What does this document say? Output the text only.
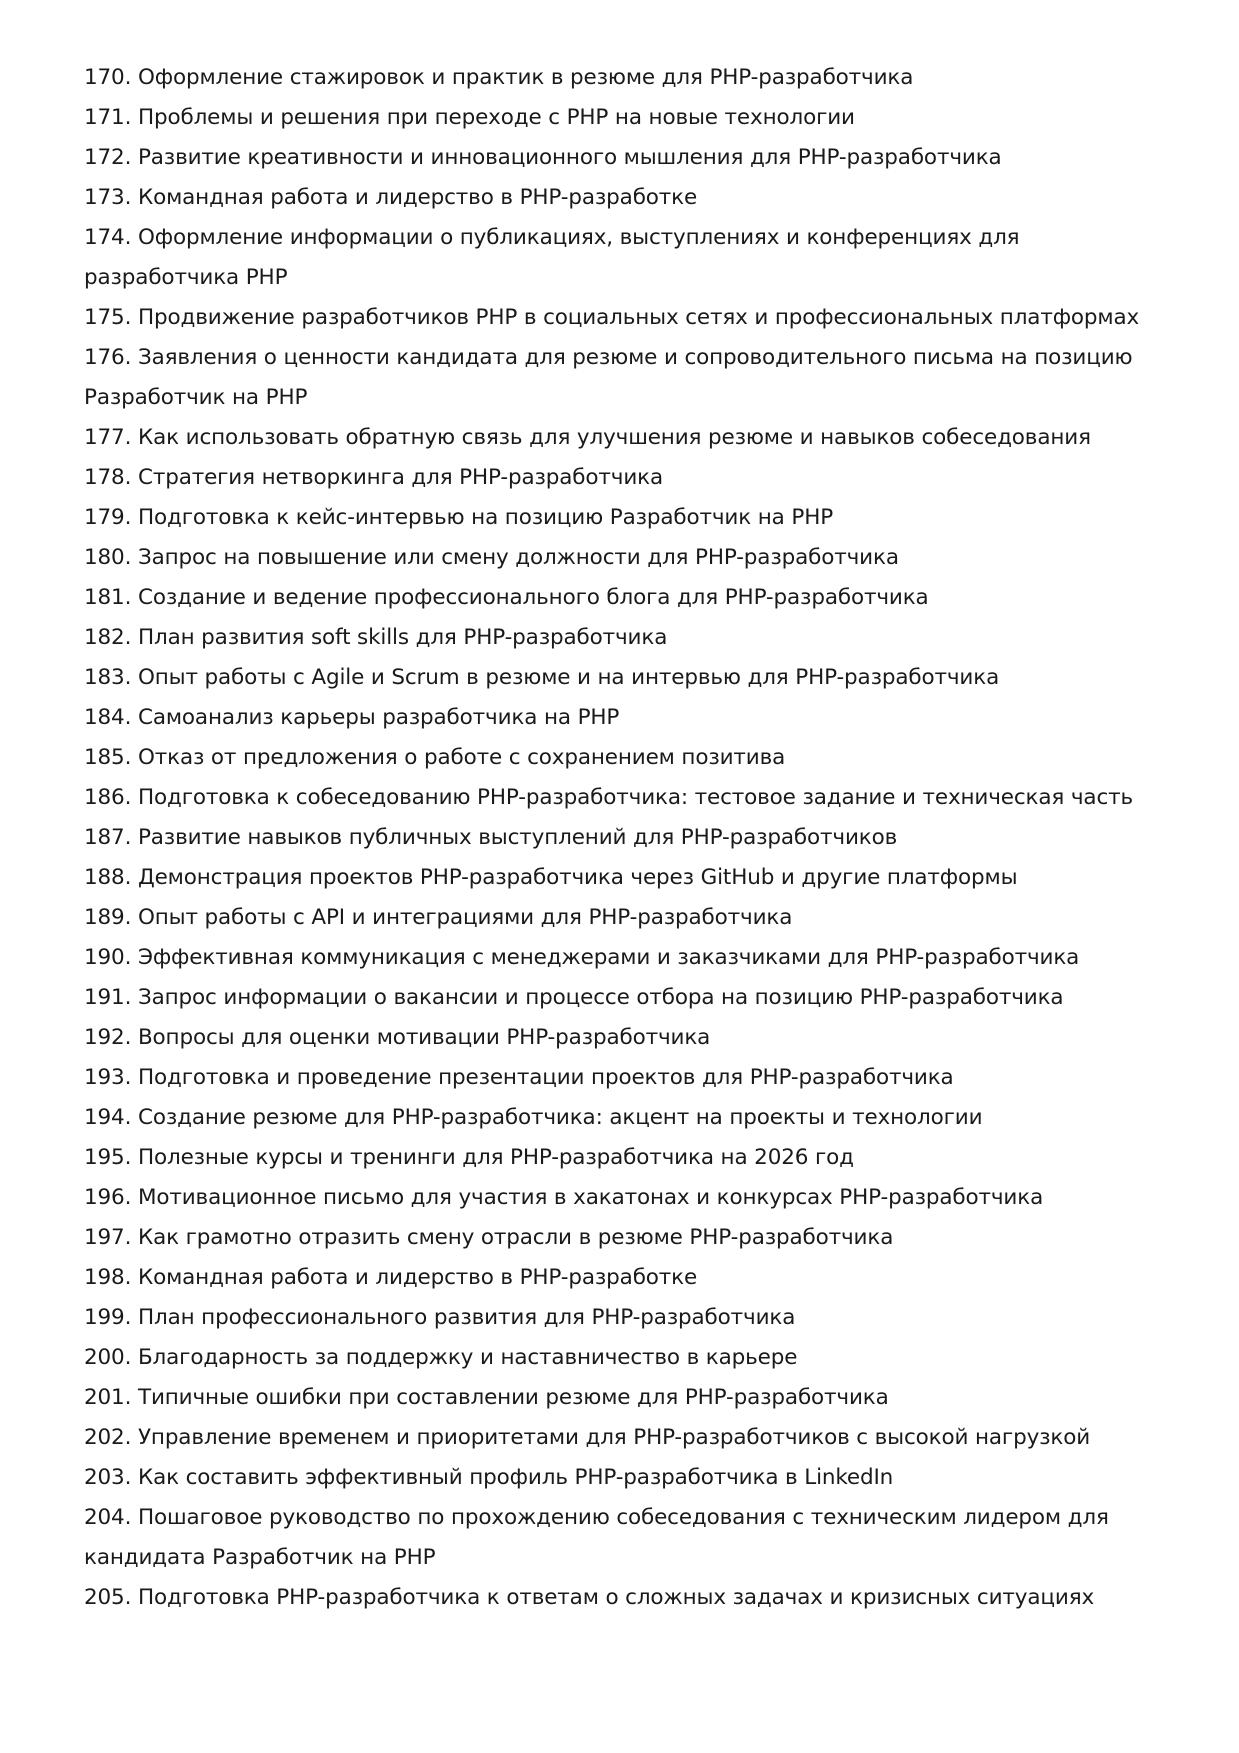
170. Оформление стажировок и практик в резюме для PHP-разработчика

171. Проблемы и решения при переходе с PHP на новые технологии

172. Развитие креативности и инновационного мышления для PHP-разработчика

173. Командная работа и лидерство в PHP-разработке

174. Оформление информации о публикациях, выступлениях и конференциях для разработчика PHP

175. Продвижение разработчиков PHP в социальных сетях и профессиональных платформах

176. Заявления о ценности кандидата для резюме и сопроводительного письма на позицию Разработчик на PHP

177. Как использовать обратную связь для улучшения резюме и навыков собеседования

178. Стратегия нетворкинга для PHP-разработчика

179. Подготовка к кейс-интервью на позицию Разработчик на PHP

180. Запрос на повышение или смену должности для PHP-разработчика

181. Создание и ведение профессионального блога для PHP-разработчика

182. План развития soft skills для PHP-разработчика

183. Опыт работы с Agile и Scrum в резюме и на интервью для PHP-разработчика

184. Самоанализ карьеры разработчика на PHP

185. Отказ от предложения о работе с сохранением позитива

186. Подготовка к собеседованию PHP-разработчика: тестовое задание и техническая часть

187. Развитие навыков публичных выступлений для PHP-разработчиков

188. Демонстрация проектов PHP-разработчика через GitHub и другие платформы

189. Опыт работы с API и интеграциями для PHP-разработчика

190. Эффективная коммуникация с менеджерами и заказчиками для PHP-разработчика

191. Запрос информации о вакансии и процессе отбора на позицию PHP-разработчика

192. Вопросы для оценки мотивации PHP-разработчика

193. Подготовка и проведение презентации проектов для PHP-разработчика

194. Создание резюме для PHP-разработчика: акцент на проекты и технологии

195. Полезные курсы и тренинги для PHP-разработчика на 2026 год

196. Мотивационное письмо для участия в хакатонах и конкурсах PHP-разработчика

197. Как грамотно отразить смену отрасли в резюме PHP-разработчика

198. Командная работа и лидерство в PHP-разработке

199. План профессионального развития для PHP-разработчика

200. Благодарность за поддержку и наставничество в карьере

201. Типичные ошибки при составлении резюме для PHP-разработчика

202. Управление временем и приоритетами для PHP-разработчиков с высокой нагрузкой

203. Как составить эффективный профиль PHP-разработчика в LinkedIn

204. Пошаговое руководство по прохождению собеседования с техническим лидером для кандидата Разработчик на PHP

205. Подготовка PHP-разработчика к ответам о сложных задачах и кризисных ситуациях
